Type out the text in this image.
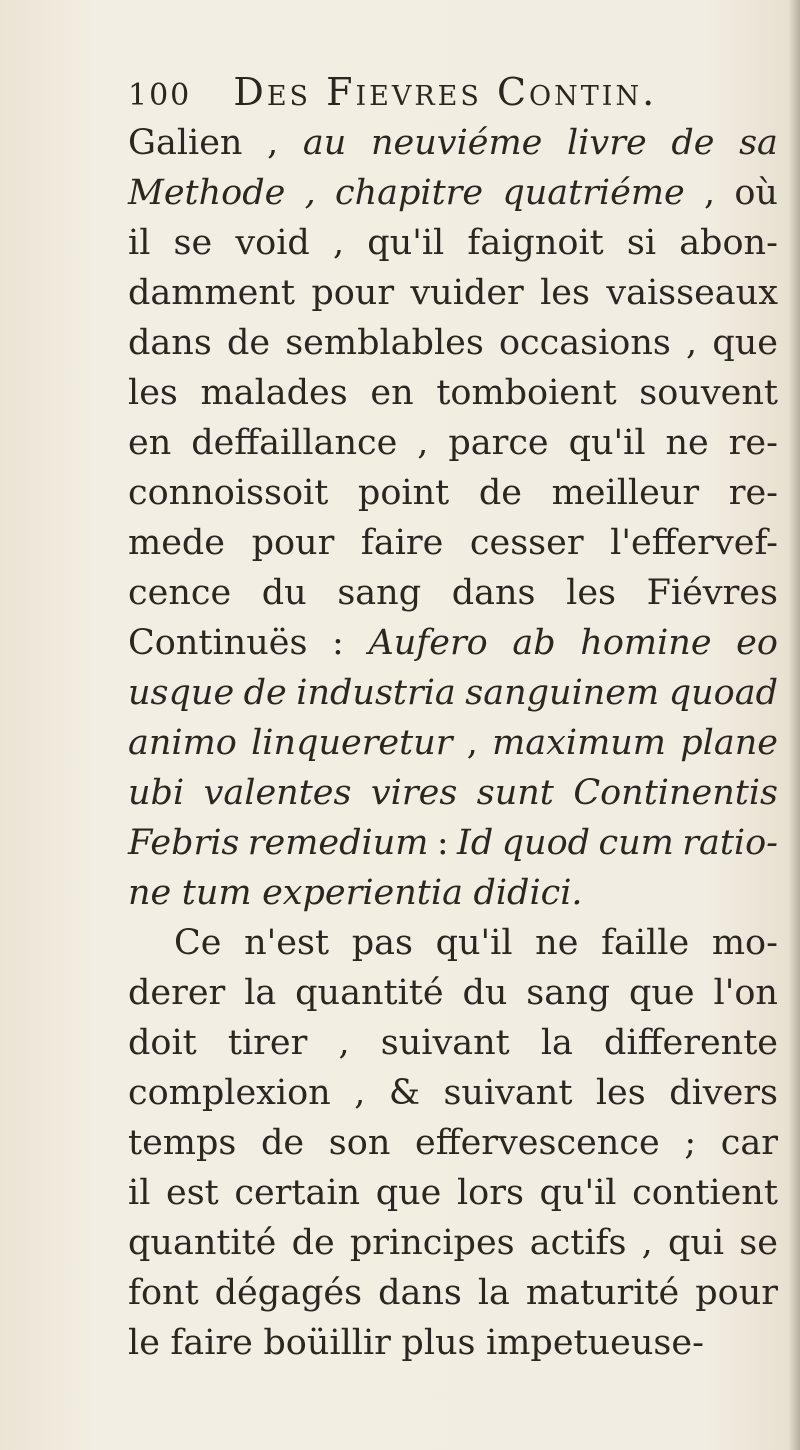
100 Des Fievres Contin.
Galien , au neuviéme livre de sa
Methode , chapitre quatriéme , où
il se void , qu'il faignoit si abon-
damment pour vuider les vaisseaux
dans de semblables occasions , que
les malades en tomboient souvent
en deffaillance , parce qu'il ne re-
connoissoit point de meilleur re-
mede pour faire cesser l'effervef-
cence du sang dans les Fiévres
Continuës : Aufero ab homine eo
usque de industria sanguinem quoad
animo linqueretur , maximum plane
ubi valentes vires sunt Continentis
Febris remedium : Id quod cum ratio-
ne tum experientia didici.
Ce n'est pas qu'il ne faille mo-
derer la quantité du sang que l'on
doit tirer , suivant la differente
complexion , & suivant les divers
temps de son effervescence ; car
il est certain que lors qu'il contient
quantité de principes actifs , qui se
font dégagés dans la maturité pour
le faire boüillir plus impetueuse-
